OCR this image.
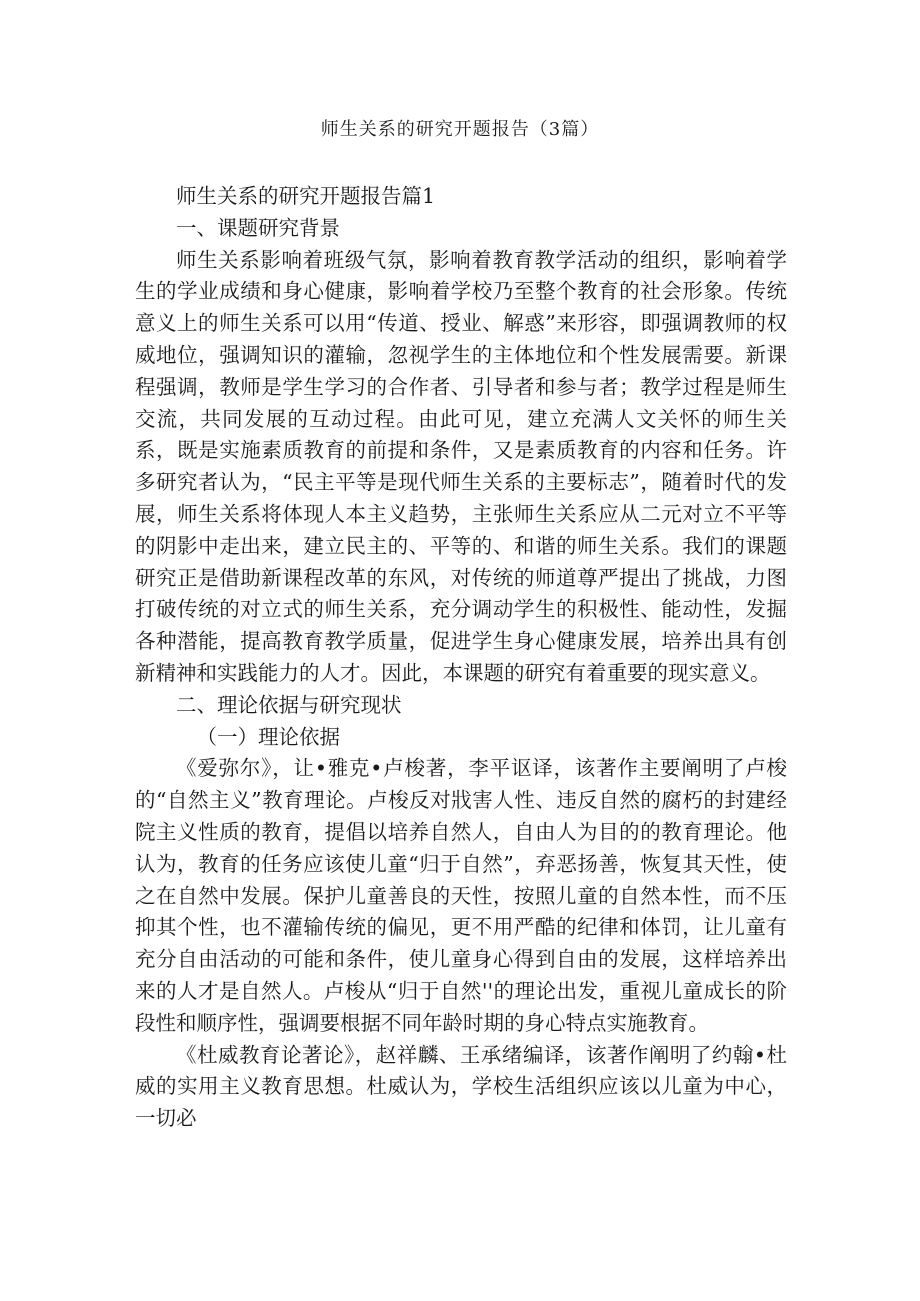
师生关系的研究开题报告（3篇）

师生关系的研究开题报告篇1

一、课题研究背景

师生关系影响着班级气氛，影响着教育教学活动的组织，影响着学生的学业成绩和身心健康，影响着学校乃至整个教育的社会形象。传统意义上的师生关系可以用“传道、授业、解惑”来形容，即强调教师的权威地位，强调知识的灌输，忽视学生的主体地位和个性发展需要。新课程强调，教师是学生学习的合作者、引导者和参与者；教学过程是师生交流，共同发展的互动过程。由此可见，建立充满人文关怀的师生关系，既是实施素质教育的前提和条件，又是素质教育的内容和任务。许多研究者认为，“民主平等是现代师生关系的主要标志”，随着时代的发展，师生关系将体现人本主义趋势，主张师生关系应从二元对立不平等的阴影中走出来，建立民主的、平等的、和谐的师生关系。我们的课题研究正是借助新课程改革的东风，对传统的师道尊严提出了挑战，力图打破传统的对立式的师生关系，充分调动学生的积极性、能动性，发掘各种潜能，提高教育教学质量，促进学生身心健康发展，培养出具有创新精神和实践能力的人才。因此，本课题的研究有着重要的现实意义。

二、理论依据与研究现状

（一）理论依据

《爱弥尔》，让•雅克•卢梭著，李平讴译，该著作主要阐明了卢梭的“自然主义”教育理论。卢梭反对戕害人性、违反自然的腐朽的封建经院主义性质的教育，提倡以培养自然人，自由人为目的的教育理论。他认为，教育的任务应该使儿童“归于自然”，弃恶扬善，恢复其天性，使之在自然中发展。保护儿童善良的天性，按照儿童的自然本性，而不压抑其个性，也不灌输传统的偏见，更不用严酷的纪律和体罚，让儿童有充分自由活动的可能和条件，使儿童身心得到自由的发展，这样培养出来的人才是自然人。卢梭从“归于自然''的理论出发，重视儿童成长的阶段性和顺序性，强调要根据不同年龄时期的身心特点实施教育。

《杜威教育论著论》，赵祥麟、王承绪编译，该著作阐明了约翰•杜威的实用主义教育思想。杜威认为，学校生活组织应该以儿童为中心，一切必
